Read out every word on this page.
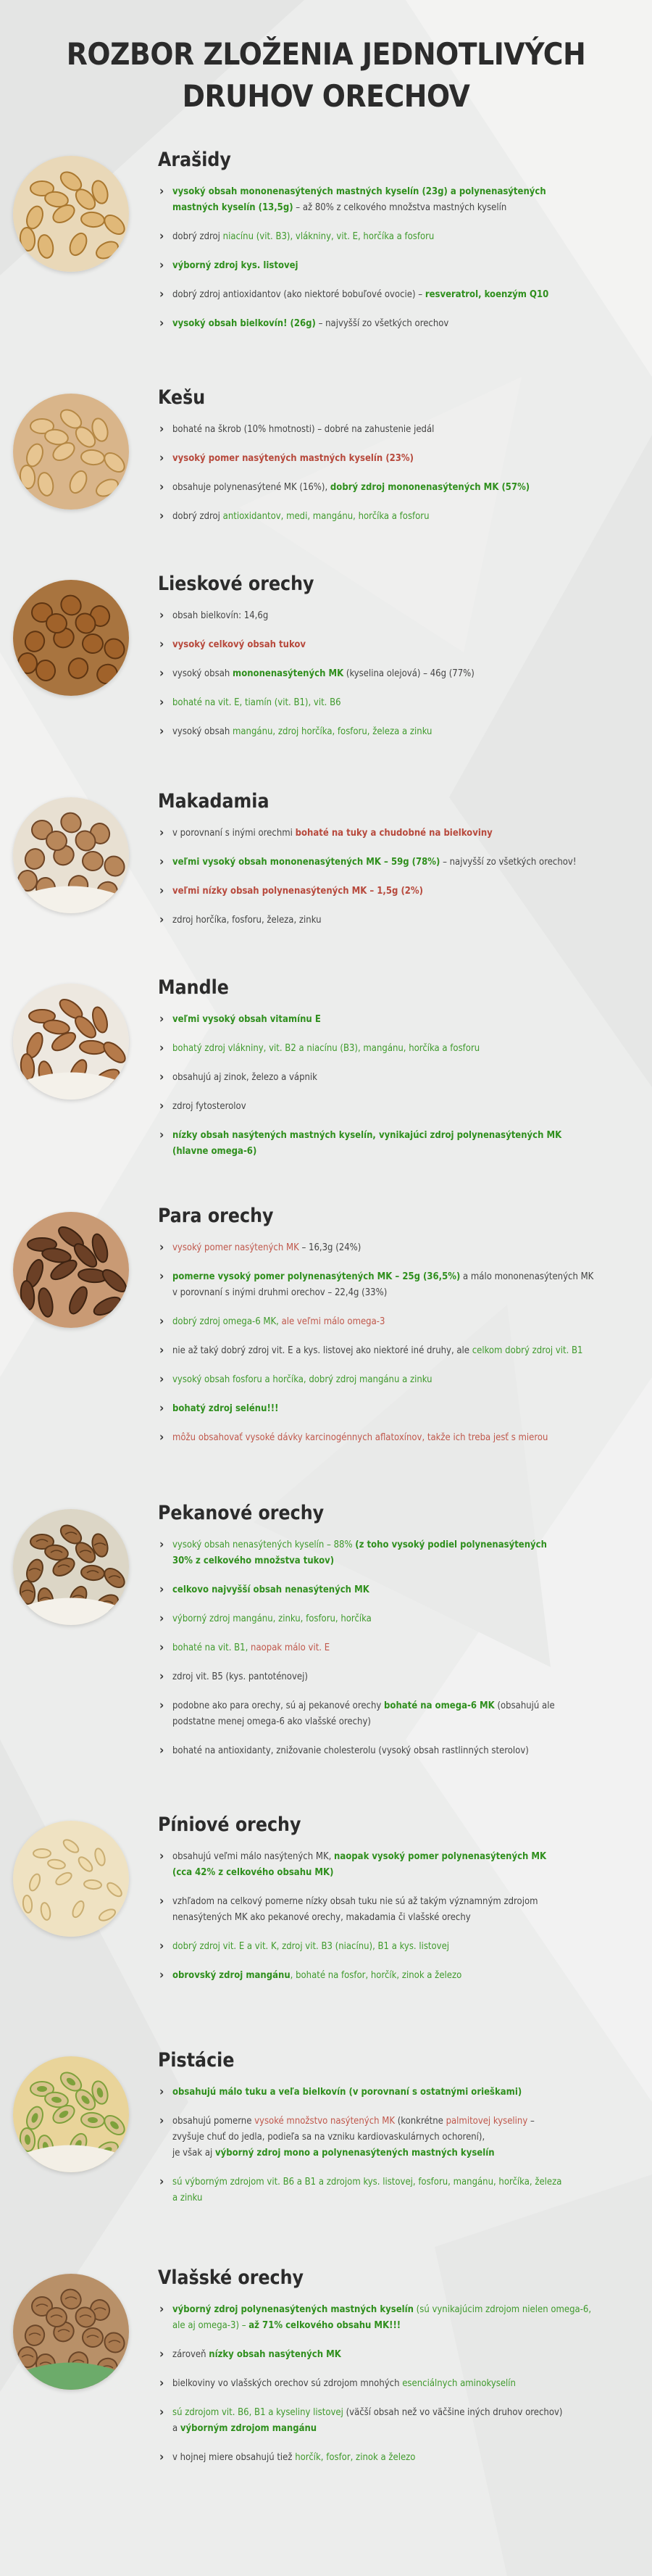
ROZBOR ZLOŽENIA JEDNOTLIVÝCH
DRUHOV ORECHOV
Arašidy
› vysoký obsah mononenasýtených mastných kyselín (23g) a polynenasýtených
mastných kyselín (13,5g) – až 80% z celkového množstva mastných kyselín
› dobrý zdroj niacínu (vit. B3), vlákniny, vit. E, horčíka a fosforu
› výborný zdroj kys. listovej
› dobrý zdroj antioxidantov (ako niektoré bobuľové ovocie) – resveratrol, koenzým Q10
› vysoký obsah bielkovín! (26g) – najvyšší zo všetkých orechov
Kešu
› bohaté na škrob (10% hmotnosti) – dobré na zahustenie jedál
› vysoký pomer nasýtených mastných kyselín (23%)
› obsahuje polynenasýtené MK (16%), dobrý zdroj mononenasýtených MK (57%)
› dobrý zdroj antioxidantov, medi, mangánu, horčíka a fosforu
Lieskové orechy
› obsah bielkovín: 14,6g
› vysoký celkový obsah tukov
› vysoký obsah mononenasýtených MK (kyselina olejová) – 46g (77%)
› bohaté na vit. E, tiamín (vit. B1), vit. B6
› vysoký obsah mangánu, zdroj horčíka, fosforu, železa a zinku
Makadamia
› v porovnaní s inými orechmi bohaté na tuky a chudobné na bielkoviny
› veľmi vysoký obsah mononenasýtených MK – 59g (78%) – najvyšší zo všetkých orechov!
› veľmi nízky obsah polynenasýtených MK – 1,5g (2%)
› zdroj horčíka, fosforu, železa, zinku
Mandle
› veľmi vysoký obsah vitamínu E
› bohatý zdroj vlákniny, vit. B2 a niacínu (B3), mangánu, horčíka a fosforu
› obsahujú aj zinok, železo a vápnik
› zdroj fytosterolov
› nízky obsah nasýtených mastných kyselín, vynikajúci zdroj polynenasýtených MK
(hlavne omega-6)
Para orechy
› vysoký pomer nasýtených MK – 16,3g (24%)
› pomerne vysoký pomer polynenasýtených MK – 25g (36,5%) a málo mononenasýtených MK
v porovnaní s inými druhmi orechov – 22,4g (33%)
› dobrý zdroj omega-6 MK, ale veľmi málo omega-3
› nie až taký dobrý zdroj vit. E a kys. listovej ako niektoré iné druhy, ale celkom dobrý zdroj vit. B1
› vysoký obsah fosforu a horčíka, dobrý zdroj mangánu a zinku
› bohatý zdroj selénu!!!
› môžu obsahovať vysoké dávky karcinogénnych aflatoxínov, takže ich treba jesť s mierou
Pekanové orechy
› vysoký obsah nenasýtených kyselín – 88% (z toho vysoký podiel polynenasýtených
30% z celkového množstva tukov)
› celkovo najvyšší obsah nenasýtených MK
› výborný zdroj mangánu, zinku, fosforu, horčíka
› bohaté na vit. B1, naopak málo vit. E
› zdroj vit. B5 (kys. pantoténovej)
› podobne ako para orechy, sú aj pekanové orechy bohaté na omega-6 MK (obsahujú ale
podstatne menej omega-6 ako vlašské orechy)
› bohaté na antioxidanty, znižovanie cholesterolu (vysoký obsah rastlinných sterolov)
Píniové orechy
› obsahujú veľmi málo nasýtených MK, naopak vysoký pomer polynenasýtených MK
(cca 42% z celkového obsahu MK)
› vzhľadom na celkový pomerne nízky obsah tuku nie sú až takým významným zdrojom
nenasýtených MK ako pekanové orechy, makadamia či vlašské orechy
› dobrý zdroj vit. E a vit. K, zdroj vit. B3 (niacínu), B1 a kys. listovej
› obrovský zdroj mangánu, bohaté na fosfor, horčík, zinok a železo
Pistácie
› obsahujú málo tuku a veľa bielkovín (v porovnaní s ostatnými orieškami)
› obsahujú pomerne vysoké množstvo nasýtených MK (konkrétne palmitovej kyseliny –
zvyšuje chuť do jedla, podieľa sa na vzniku kardiovaskulárnych ochorení),
je však aj výborný zdroj mono a polynenasýtených mastných kyselín
› sú výborným zdrojom vit. B6 a B1 a zdrojom kys. listovej, fosforu, mangánu, horčíka, železa
a zinku
Vlašské orechy
› výborný zdroj polynenasýtených mastných kyselín (sú vynikajúcim zdrojom nielen omega-6,
ale aj omega-3) – až 71% celkového obsahu MK!!!
› zároveň nízky obsah nasýtených MK
› bielkoviny vo vlašských orechov sú zdrojom mnohých esenciálnych aminokyselín
› sú zdrojom vit. B6, B1 a kyseliny listovej (väčší obsah než vo väčšine iných druhov orechov)
a výborným zdrojom mangánu
› v hojnej miere obsahujú tiež horčík, fosfor, zinok a železo
